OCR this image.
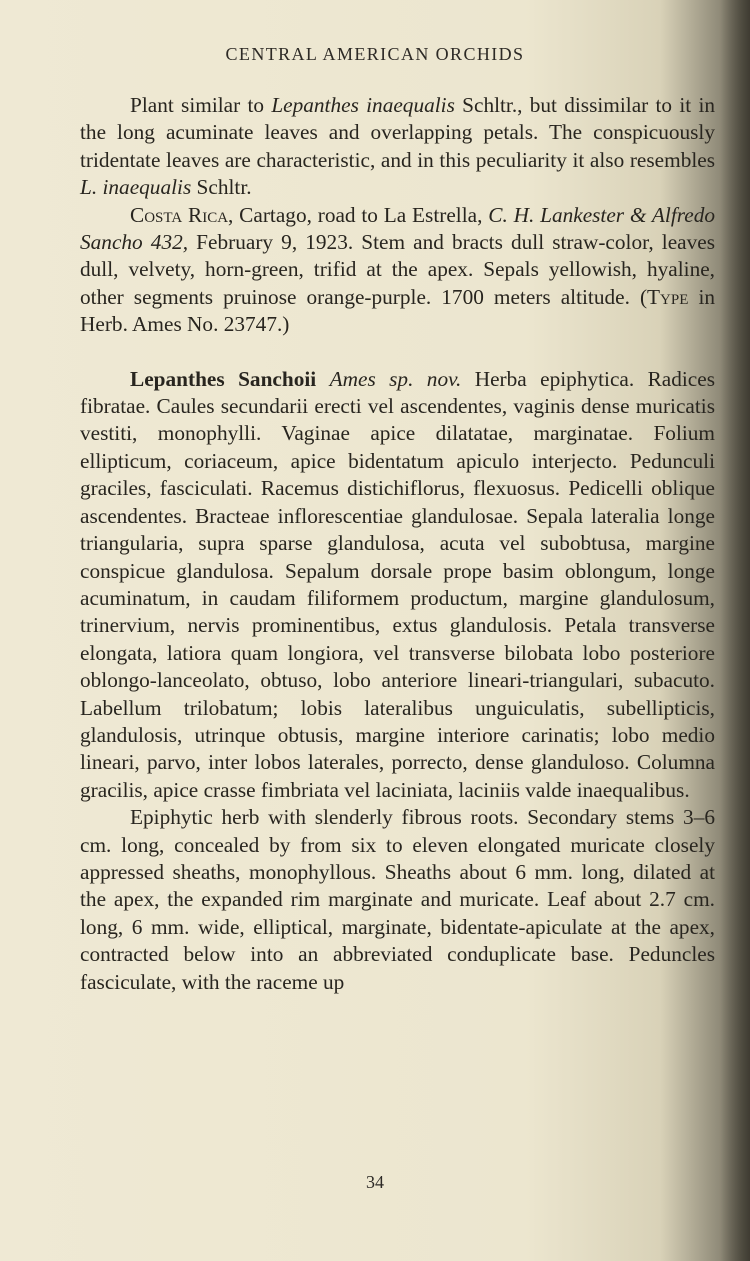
CENTRAL AMERICAN ORCHIDS

Plant similar to Lepanthes inaequalis Schltr., but dissimilar to it in the long acuminate leaves and overlapping petals. The conspicuously tridentate leaves are characteristic, and in this peculiarity it also resembles L. inaequalis Schltr.

Costa Rica, Cartago, road to La Estrella, C. H. Lankester & Alfredo Sancho 432, February 9, 1923. Stem and bracts dull straw-color, leaves dull, velvety, horn-green, trifid at the apex. Sepals yellowish, hyaline, other segments pruinose orange-purple. 1700 meters altitude. (Type in Herb. Ames No. 23747.)

Lepanthes Sanchoii Ames sp. nov. Herba epiphytica. Radices fibratae. Caules secundarii erecti vel ascendentes, vaginis dense muricatis vestiti, monophylli. Vaginae apice dilatatae, marginatae. Folium ellipticum, coriaceum, apice bidentatum apiculo interjecto. Pedunculi graciles, fasciculati. Racemus distichiflorus, flexuosus. Pedicelli oblique ascendentes. Bracteae inflorescentiae glandulosae. Sepala lateralia longe triangularia, supra sparse glandulosa, acuta vel subobtusa, margine conspicue glandulosa. Sepalum dorsale prope basim oblongum, longe acuminatum, in caudam filiformem productum, margine glandulosum, trinervium, nervis prominentibus, extus glandulosis. Petala transverse elongata, latiora quam longiora, vel transverse bilobata lobo posteriore oblongo-lanceolato, obtuso, lobo anteriore lineari-triangulari, subacuto. Labellum trilobatum; lobis lateralibus unguiculatis, subellipticis, glandulosis, utrinque obtusis, margine interiore carinatis; lobo medio lineari, parvo, inter lobos laterales, porrecto, dense glanduloso. Columna gracilis, apice crasse fimbriata vel laciniata, laciniis valde inaequalibus.

Epiphytic herb with slenderly fibrous roots. Secondary stems 3–6 cm. long, concealed by from six to eleven elongated muricate closely appressed sheaths, monophyllous. Sheaths about 6 mm. long, dilated at the apex, the expanded rim marginate and muricate. Leaf about 2.7 cm. long, 6 mm. wide, elliptical, marginate, bidentate-apiculate at the apex, contracted below into an abbreviated conduplicate base. Peduncles fasciculate, with the raceme up

34
